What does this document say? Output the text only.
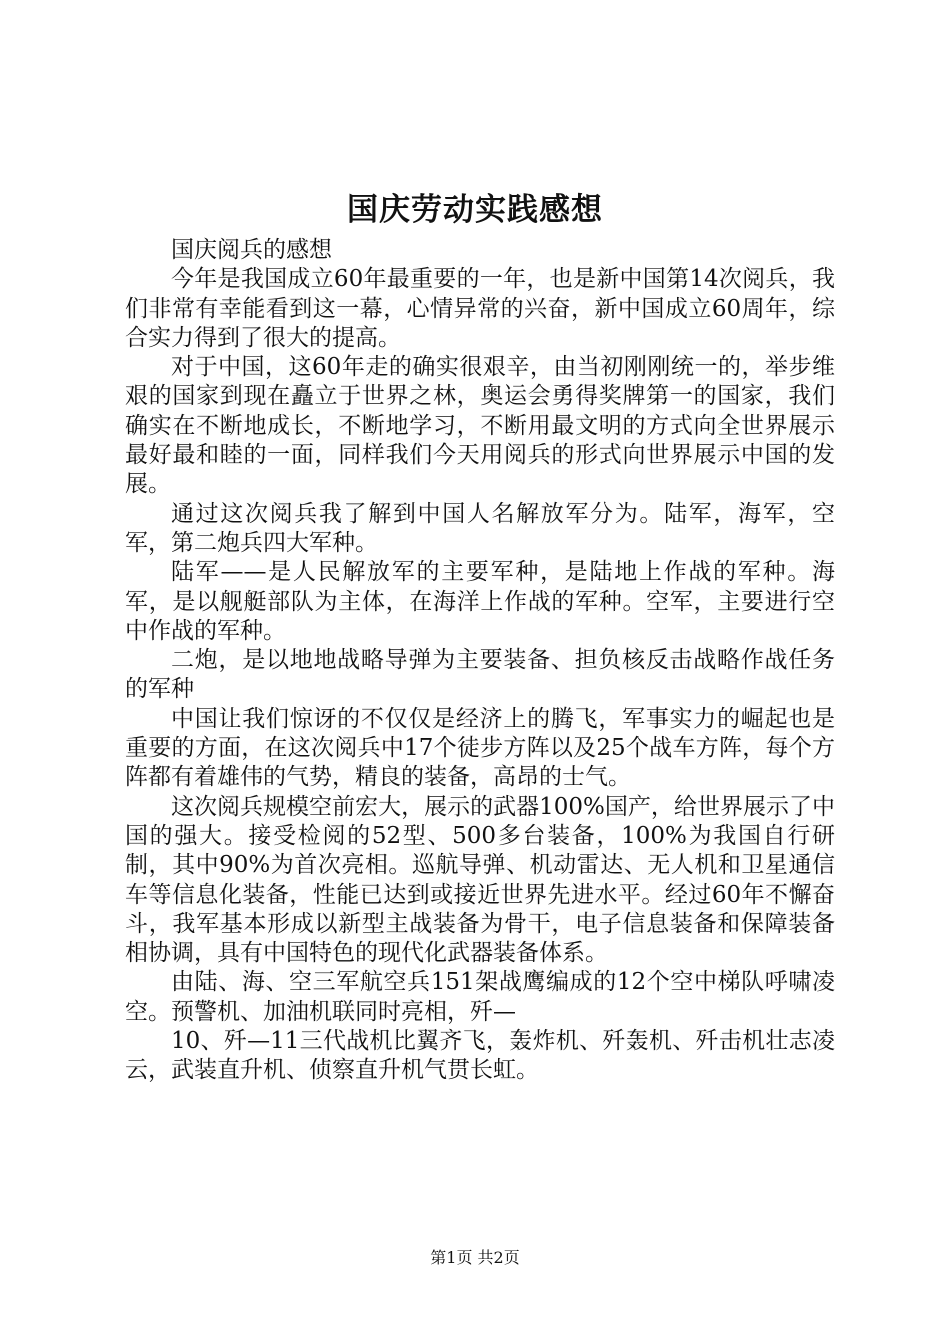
国庆劳动实践感想

国庆阅兵的感想

今年是我国成立60年最重要的一年，也是新中国第14次阅兵，我们非常有幸能看到这一幕，心情异常的兴奋，新中国成立60周年，综合实力得到了很大的提高。

对于中国，这60年走的确实很艰辛，由当初刚刚统一的，举步维艰的国家到现在矗立于世界之林，奥运会勇得奖牌第一的国家，我们确实在不断地成长，不断地学习，不断用最文明的方式向全世界展示最好最和睦的一面，同样我们今天用阅兵的形式向世界展示中国的发展。

通过这次阅兵我了解到中国人名解放军分为。陆军，海军，空军，第二炮兵四大军种。

陆军——是人民解放军的主要军种，是陆地上作战的军种。海军，是以舰艇部队为主体，在海洋上作战的军种。空军，主要进行空中作战的军种。

二炮，是以地地战略导弹为主要装备、担负核反击战略作战任务的军种

中国让我们惊讶的不仅仅是经济上的腾飞，军事实力的崛起也是重要的方面，在这次阅兵中17个徒步方阵以及25个战车方阵，每个方阵都有着雄伟的气势，精良的装备，高昂的士气。

这次阅兵规模空前宏大，展示的武器100%国产，给世界展示了中国的强大。接受检阅的52型、500多台装备，100%为我国自行研制，其中90%为首次亮相。巡航导弹、机动雷达、无人机和卫星通信车等信息化装备，性能已达到或接近世界先进水平。经过60年不懈奋斗，我军基本形成以新型主战装备为骨干，电子信息装备和保障装备相协调，具有中国特色的现代化武器装备体系。

由陆、海、空三军航空兵151架战鹰编成的12个空中梯队呼啸凌空。预警机、加油机联同时亮相，歼—

10、歼—11三代战机比翼齐飞，轰炸机、歼轰机、歼击机壮志凌云，武装直升机、侦察直升机气贯长虹。

第1页 共2页
